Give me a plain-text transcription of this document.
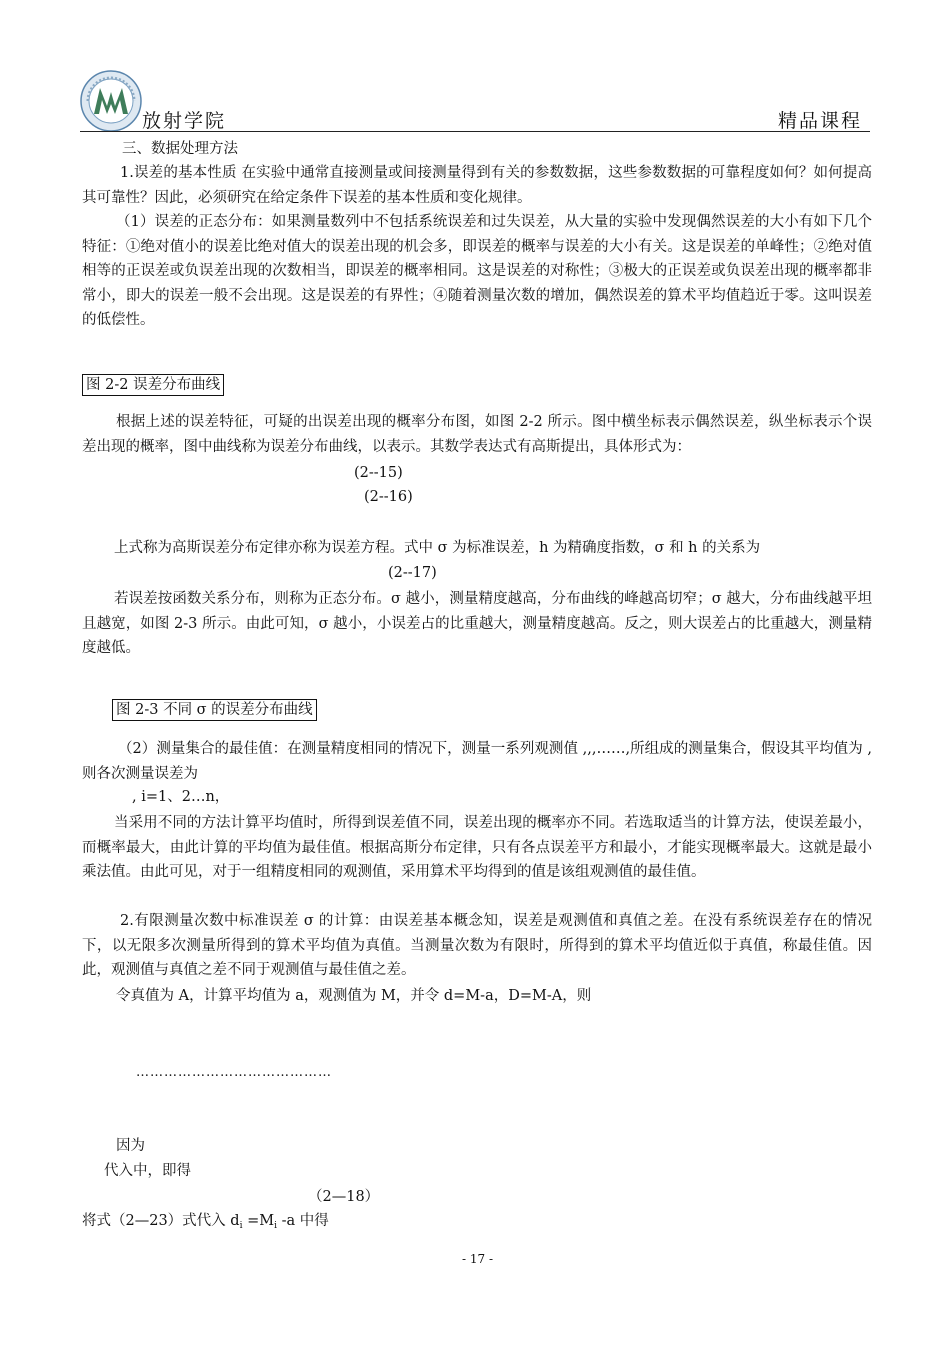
放射学院	精品课程
三、数据处理方法
1.误差的基本性质 在实验中通常直接测量或间接测量得到有关的参数数据，这些参数数据的可靠程度如何？如何提高其可靠性？因此，必须研究在给定条件下误差的基本性质和变化规律。
（1）误差的正态分布：如果测量数列中不包括系统误差和过失误差，从大量的实验中发现偶然误差的大小有如下几个特征：①绝对值小的误差比绝对值大的误差出现的机会多，即误差的概率与误差的大小有关。这是误差的单峰性；②绝对值相等的正误差或负误差出现的次数相当，即误差的概率相同。这是误差的对称性；③极大的正误差或负误差出现的概率都非常小，即大的误差一般不会出现。这是误差的有界性；④随着测量次数的增加，偶然误差的算术平均值趋近于零。这叫误差的低偿性。
图 2-2 误差分布曲线
根据上述的误差特征，可疑的出误差出现的概率分布图，如图 2-2 所示。图中横坐标表示偶然误差，纵坐标表示个误差出现的概率，图中曲线称为误差分布曲线，以表示。其数学表达式有高斯提出，具体形式为：
(2--15)
(2--16)
上式称为高斯误差分布定律亦称为误差方程。式中 σ 为标准误差，h 为精确度指数，σ 和 h 的关系为
(2--17)
若误差按函数关系分布，则称为正态分布。σ 越小，测量精度越高，分布曲线的峰越高切窄；σ 越大，分布曲线越平坦且越宽，如图 2-3 所示。由此可知，σ 越小，小误差占的比重越大，测量精度越高。反之，则大误差占的比重越大，测量精度越低。
图 2-3 不同 σ 的误差分布曲线
（2）测量集合的最佳值：在测量精度相同的情况下，测量一系列观测值 ,,,……,所组成的测量集合，假设其平均值为 ,则各次测量误差为
, i=1、2…n，
当采用不同的方法计算平均值时，所得到误差值不同，误差出现的概率亦不同。若选取适当的计算方法，使误差最小，而概率最大，由此计算的平均值为最佳值。根据高斯分布定律，只有各点误差平方和最小，才能实现概率最大。这就是最小乘法值。由此可见，对于一组精度相同的观测值，采用算术平均得到的值是该组观测值的最佳值。
2.有限测量次数中标准误差 σ 的计算：由误差基本概念知，误差是观测值和真值之差。在没有系统误差存在的情况下，以无限多次测量所得到的算术平均值为真值。当测量次数为有限时，所得到的算术平均值近似于真值，称最佳值。因此，观测值与真值之差不同于观测值与最佳值之差。
令真值为 A，计算平均值为 a，观测值为 M，并令 d=M-a，D=M-A，则
……………………………………
因为
代入中，即得
（2—18）
将式（2—23）式代入 $d_i =M_i$ -a 中得
- 17 -
